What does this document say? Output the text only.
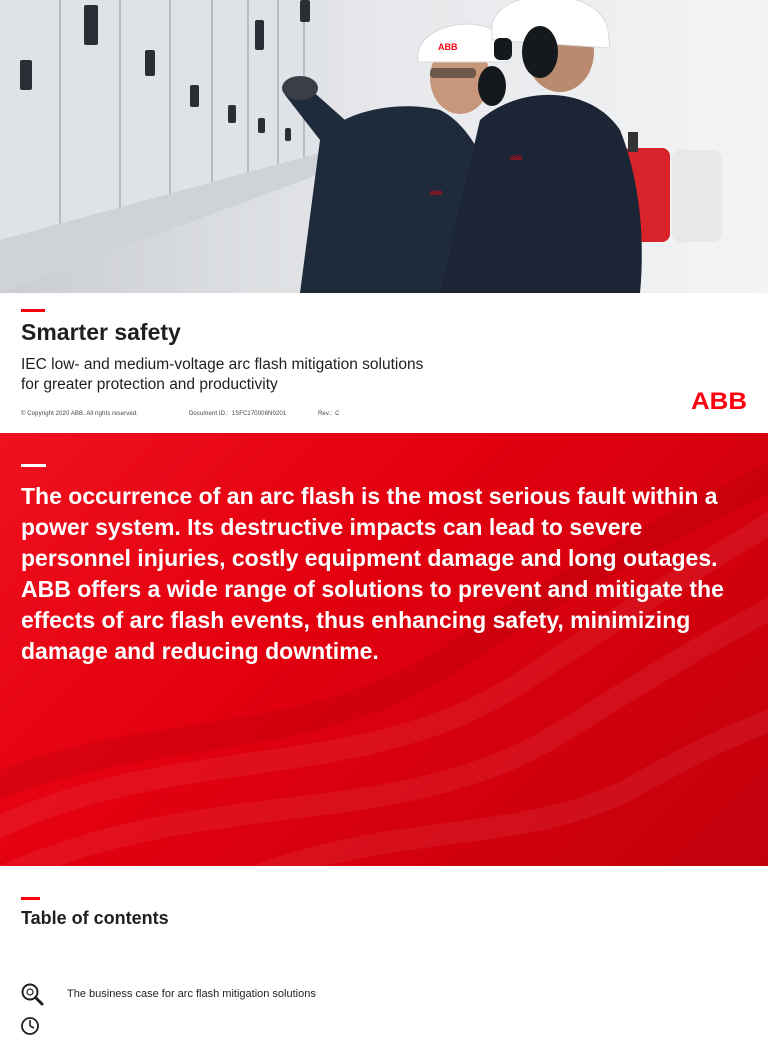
ABB
ABB
ABB
Smarter safety

IEC low- and medium-voltage arc flash mitigation solutions
for greater protection and productivity

© Copyright 2020 ABB. All rights reserved.	Document ID.: 1SFC170008N0201	Rev.: C	ABB

The occurrence of an arc flash is the most serious fault within a power system. Its destructive impacts can lead to severe personnel injuries, costly equipment damage and long outages. ABB offers a wide range of solutions to prevent and mitigate the effects of arc flash events, thus enhancing safety, minimizing damage and reducing downtime.

Table of contents
The business case for arc flash mitigation solutions
